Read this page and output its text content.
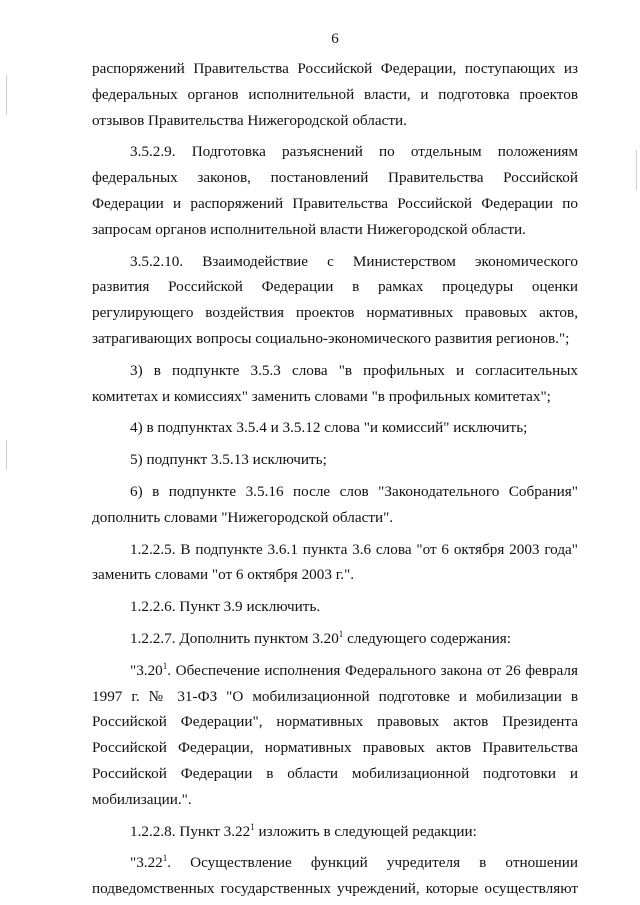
6

распоряжений Правительства Российской Федерации, поступающих из федеральных органов исполнительной власти, и подготовка проектов отзывов Правительства Нижегородской области.

3.5.2.9. Подготовка разъяснений по отдельным положениям федеральных законов, постановлений Правительства Российской Федерации и распоряжений Правительства Российской Федерации по запросам органов исполнительной власти Нижегородской области.

3.5.2.10. Взаимодействие с Министерством экономического развития Российской Федерации в рамках процедуры оценки регулирующего воздействия проектов нормативных правовых актов, затрагивающих вопросы социально-экономического развития регионов.";

3) в подпункте 3.5.3 слова "в профильных и согласительных комитетах и комиссиях" заменить словами "в профильных комитетах";

4) в подпунктах 3.5.4 и 3.5.12 слова "и комиссий" исключить;

5) подпункт 3.5.13 исключить;

6) в подпункте 3.5.16 после слов "Законодательного Собрания" дополнить словами "Нижегородской области".

1.2.2.5. В подпункте 3.6.1 пункта 3.6 слова "от 6 октября 2003 года" заменить словами "от 6 октября 2003 г.".

1.2.2.6. Пункт 3.9 исключить.

1.2.2.7. Дополнить пунктом 3.20$^1$ следующего содержания:

"3.20$^1$. Обеспечение исполнения Федерального закона от 26 февраля 1997 г. № 31-ФЗ "О мобилизационной подготовке и мобилизации в Российской Федерации", нормативных правовых актов Президента Российской Федерации, нормативных правовых актов Правительства Российской Федерации в области мобилизационной подготовки и мобилизации.".

1.2.2.8. Пункт 3.22$^1$ изложить в следующей редакции:

"3.22$^1$. Осуществление функций учредителя в отношении подведомственных государственных учреждений, которые осуществляют
